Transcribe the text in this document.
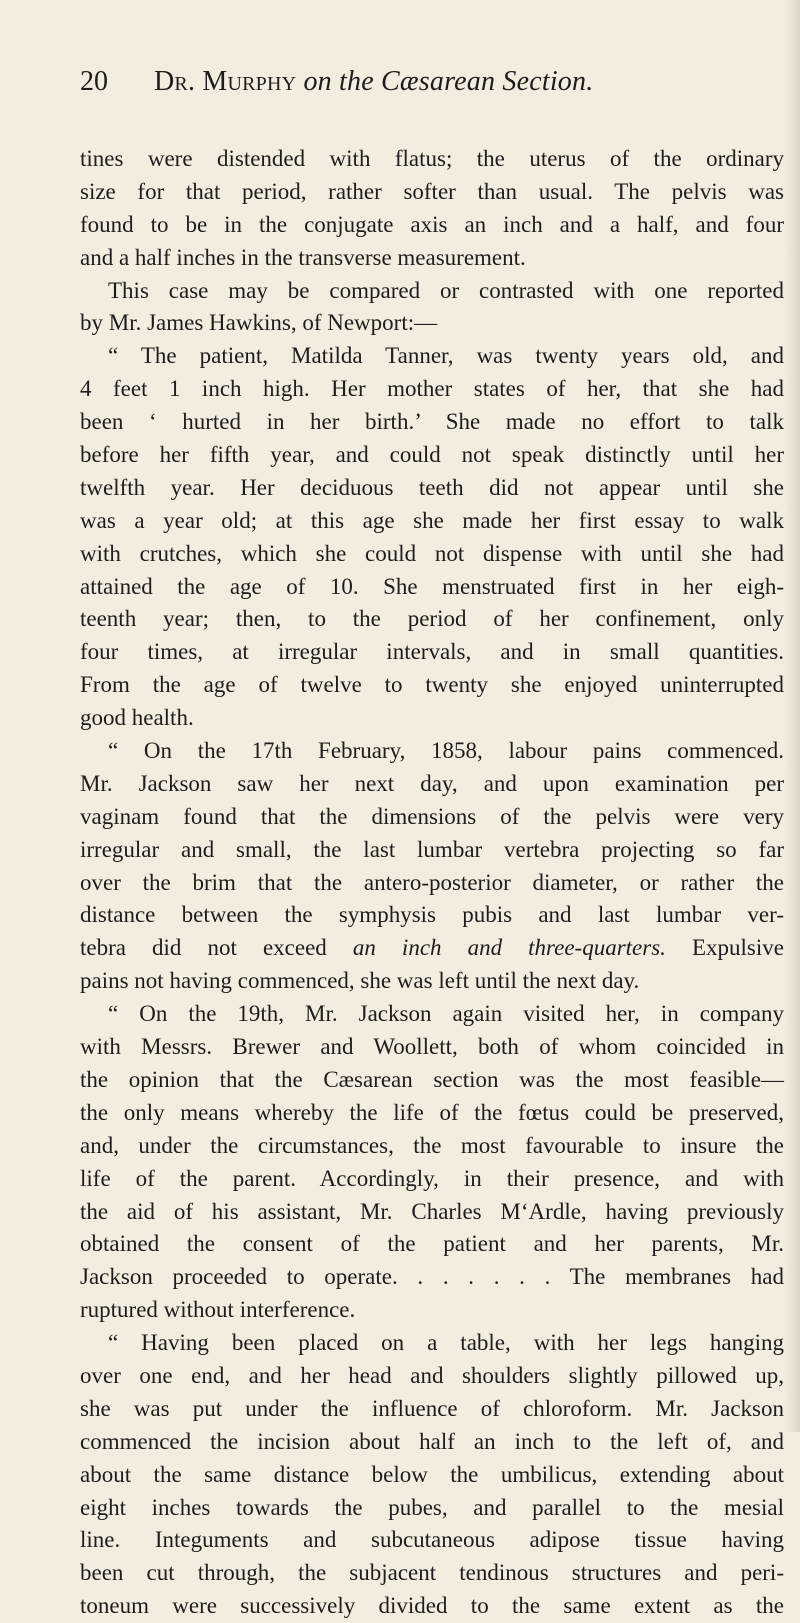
20 Dr. Murphy on the Cæsarean Section.
tines were distended with flatus; the uterus of the ordinary
size for that period, rather softer than usual. The pelvis was
found to be in the conjugate axis an inch and a half, and four
and a half inches in the transverse measurement.
This case may be compared or contrasted with one reported
by Mr. James Hawkins, of Newport:—
“ The patient, Matilda Tanner, was twenty years old, and
4 feet 1 inch high. Her mother states of her, that she had
been ‘ hurted in her birth.’ She made no effort to talk
before her fifth year, and could not speak distinctly until her
twelfth year. Her deciduous teeth did not appear until she
was a year old; at this age she made her first essay to walk
with crutches, which she could not dispense with until she had
attained the age of 10. She menstruated first in her eigh-
teenth year; then, to the period of her confinement, only
four times, at irregular intervals, and in small quantities.
From the age of twelve to twenty she enjoyed uninterrupted
good health.
“ On the 17th February, 1858, labour pains commenced.
Mr. Jackson saw her next day, and upon examination per
vaginam found that the dimensions of the pelvis were very
irregular and small, the last lumbar vertebra projecting so far
over the brim that the antero-posterior diameter, or rather the
distance between the symphysis pubis and last lumbar ver-
tebra did not exceed an inch and three-quarters. Expulsive
pains not having commenced, she was left until the next day.
“ On the 19th, Mr. Jackson again visited her, in company
with Messrs. Brewer and Woollett, both of whom coincided in
the opinion that the Cæsarean section was the most feasible—
the only means whereby the life of the fœtus could be preserved,
and, under the circumstances, the most favourable to insure the
life of the parent. Accordingly, in their presence, and with
the aid of his assistant, Mr. Charles M‘Ardle, having previously
obtained the consent of the patient and her parents, Mr.
Jackson proceeded to operate. . . . . . . The membranes had
ruptured without interference.
“ Having been placed on a table, with her legs hanging
over one end, and her head and shoulders slightly pillowed up,
she was put under the influence of chloroform. Mr. Jackson
commenced the incision about half an inch to the left of, and
about the same distance below the umbilicus, extending about
eight inches towards the pubes, and parallel to the mesial
line. Integuments and subcutaneous adipose tissue having
been cut through, the subjacent tendinous structures and peri-
toneum were successively divided to the same extent as the
